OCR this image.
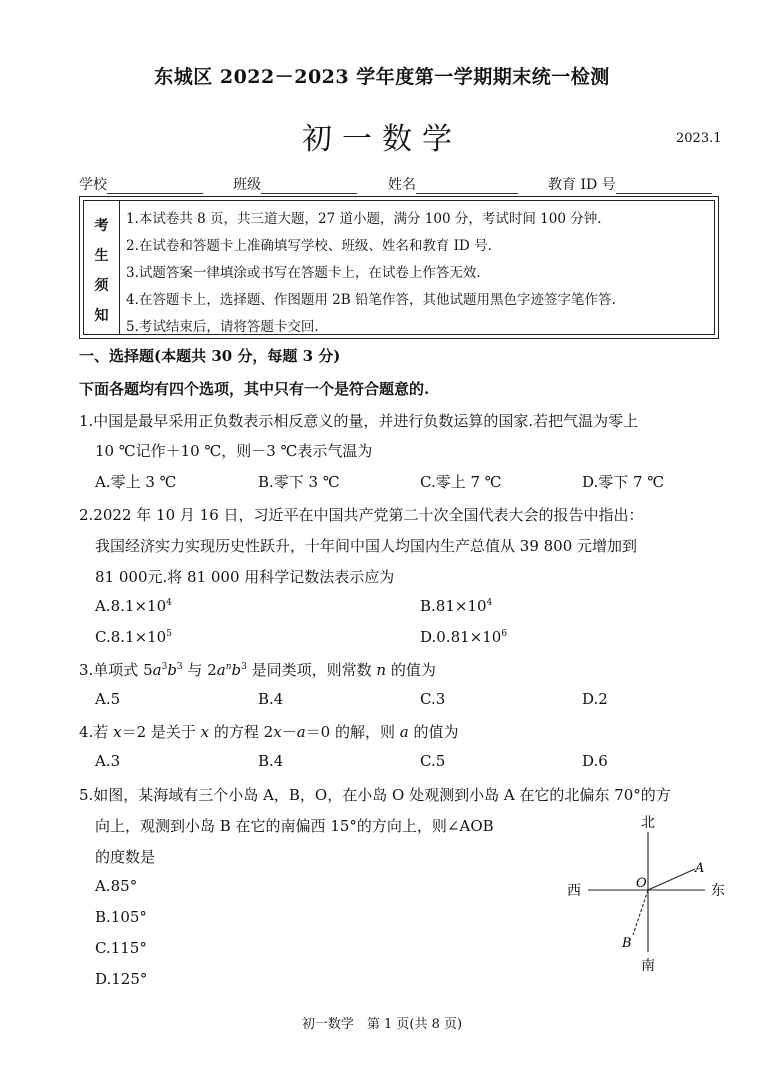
东城区 2022－2023 学年度第一学期期末统一检测
初一数学	2023.1
学校	班级	姓名	教育 ID 号
考
生
须
知
1.本试卷共 8 页，共三道大题，27 道小题，满分 100 分，考试时间 100 分钟.
2.在试卷和答题卡上准确填写学校、班级、姓名和教育 ID 号.
3.试题答案一律填涂或书写在答题卡上，在试卷上作答无效.
4.在答题卡上，选择题、作图题用 2B 铅笔作答，其他试题用黑色字迹签字笔作答.
5.考试结束后，请将答题卡交回.
一、选择题(本题共 30 分，每题 3 分)
下面各题均有四个选项，其中只有一个是符合题意的.
1.中国是最早采用正负数表示相反意义的量，并进行负数运算的国家.若把气温为零上
10 ℃记作＋10 ℃，则－3 ℃表示气温为
A.零上 3 ℃	B.零下 3 ℃	C.零上 7 ℃	D.零下 7 ℃
2.2022 年 10 月 16 日，习近平在中国共产党第二十次全国代表大会的报告中指出：
我国经济实力实现历史性跃升，十年间中国人均国内生产总值从 39 800 元增加到
81 000元.将 81 000 用科学记数法表示应为
$A.8.1\times 10^4$	$B.81\times 10^4$
$C.8.1\times 10^5$	$D.0.81\times 10^6$
3.单项式 $5a^3b^3$ 与 $2a^nb^3$ 是同类项，则常数 n 的值为
A.5	B.4	C.3	D.2
4.若 x＝2 是关于 x 的方程 2x－a＝0 的解，则 a 的值为
A.3	B.4	C.5	D.6
5.如图，某海域有三个小岛 A，B，O，在小岛 O 处观测到小岛 A 在它的北偏东 70°的方
向上，观测到小岛 B 在它的南偏西 15°的方向上，则∠AOB
的度数是
A.85°
B.105°
C.115°
D.125°
北
南
东
西	O
A
B
初一数学　第 1 页(共 8 页)
